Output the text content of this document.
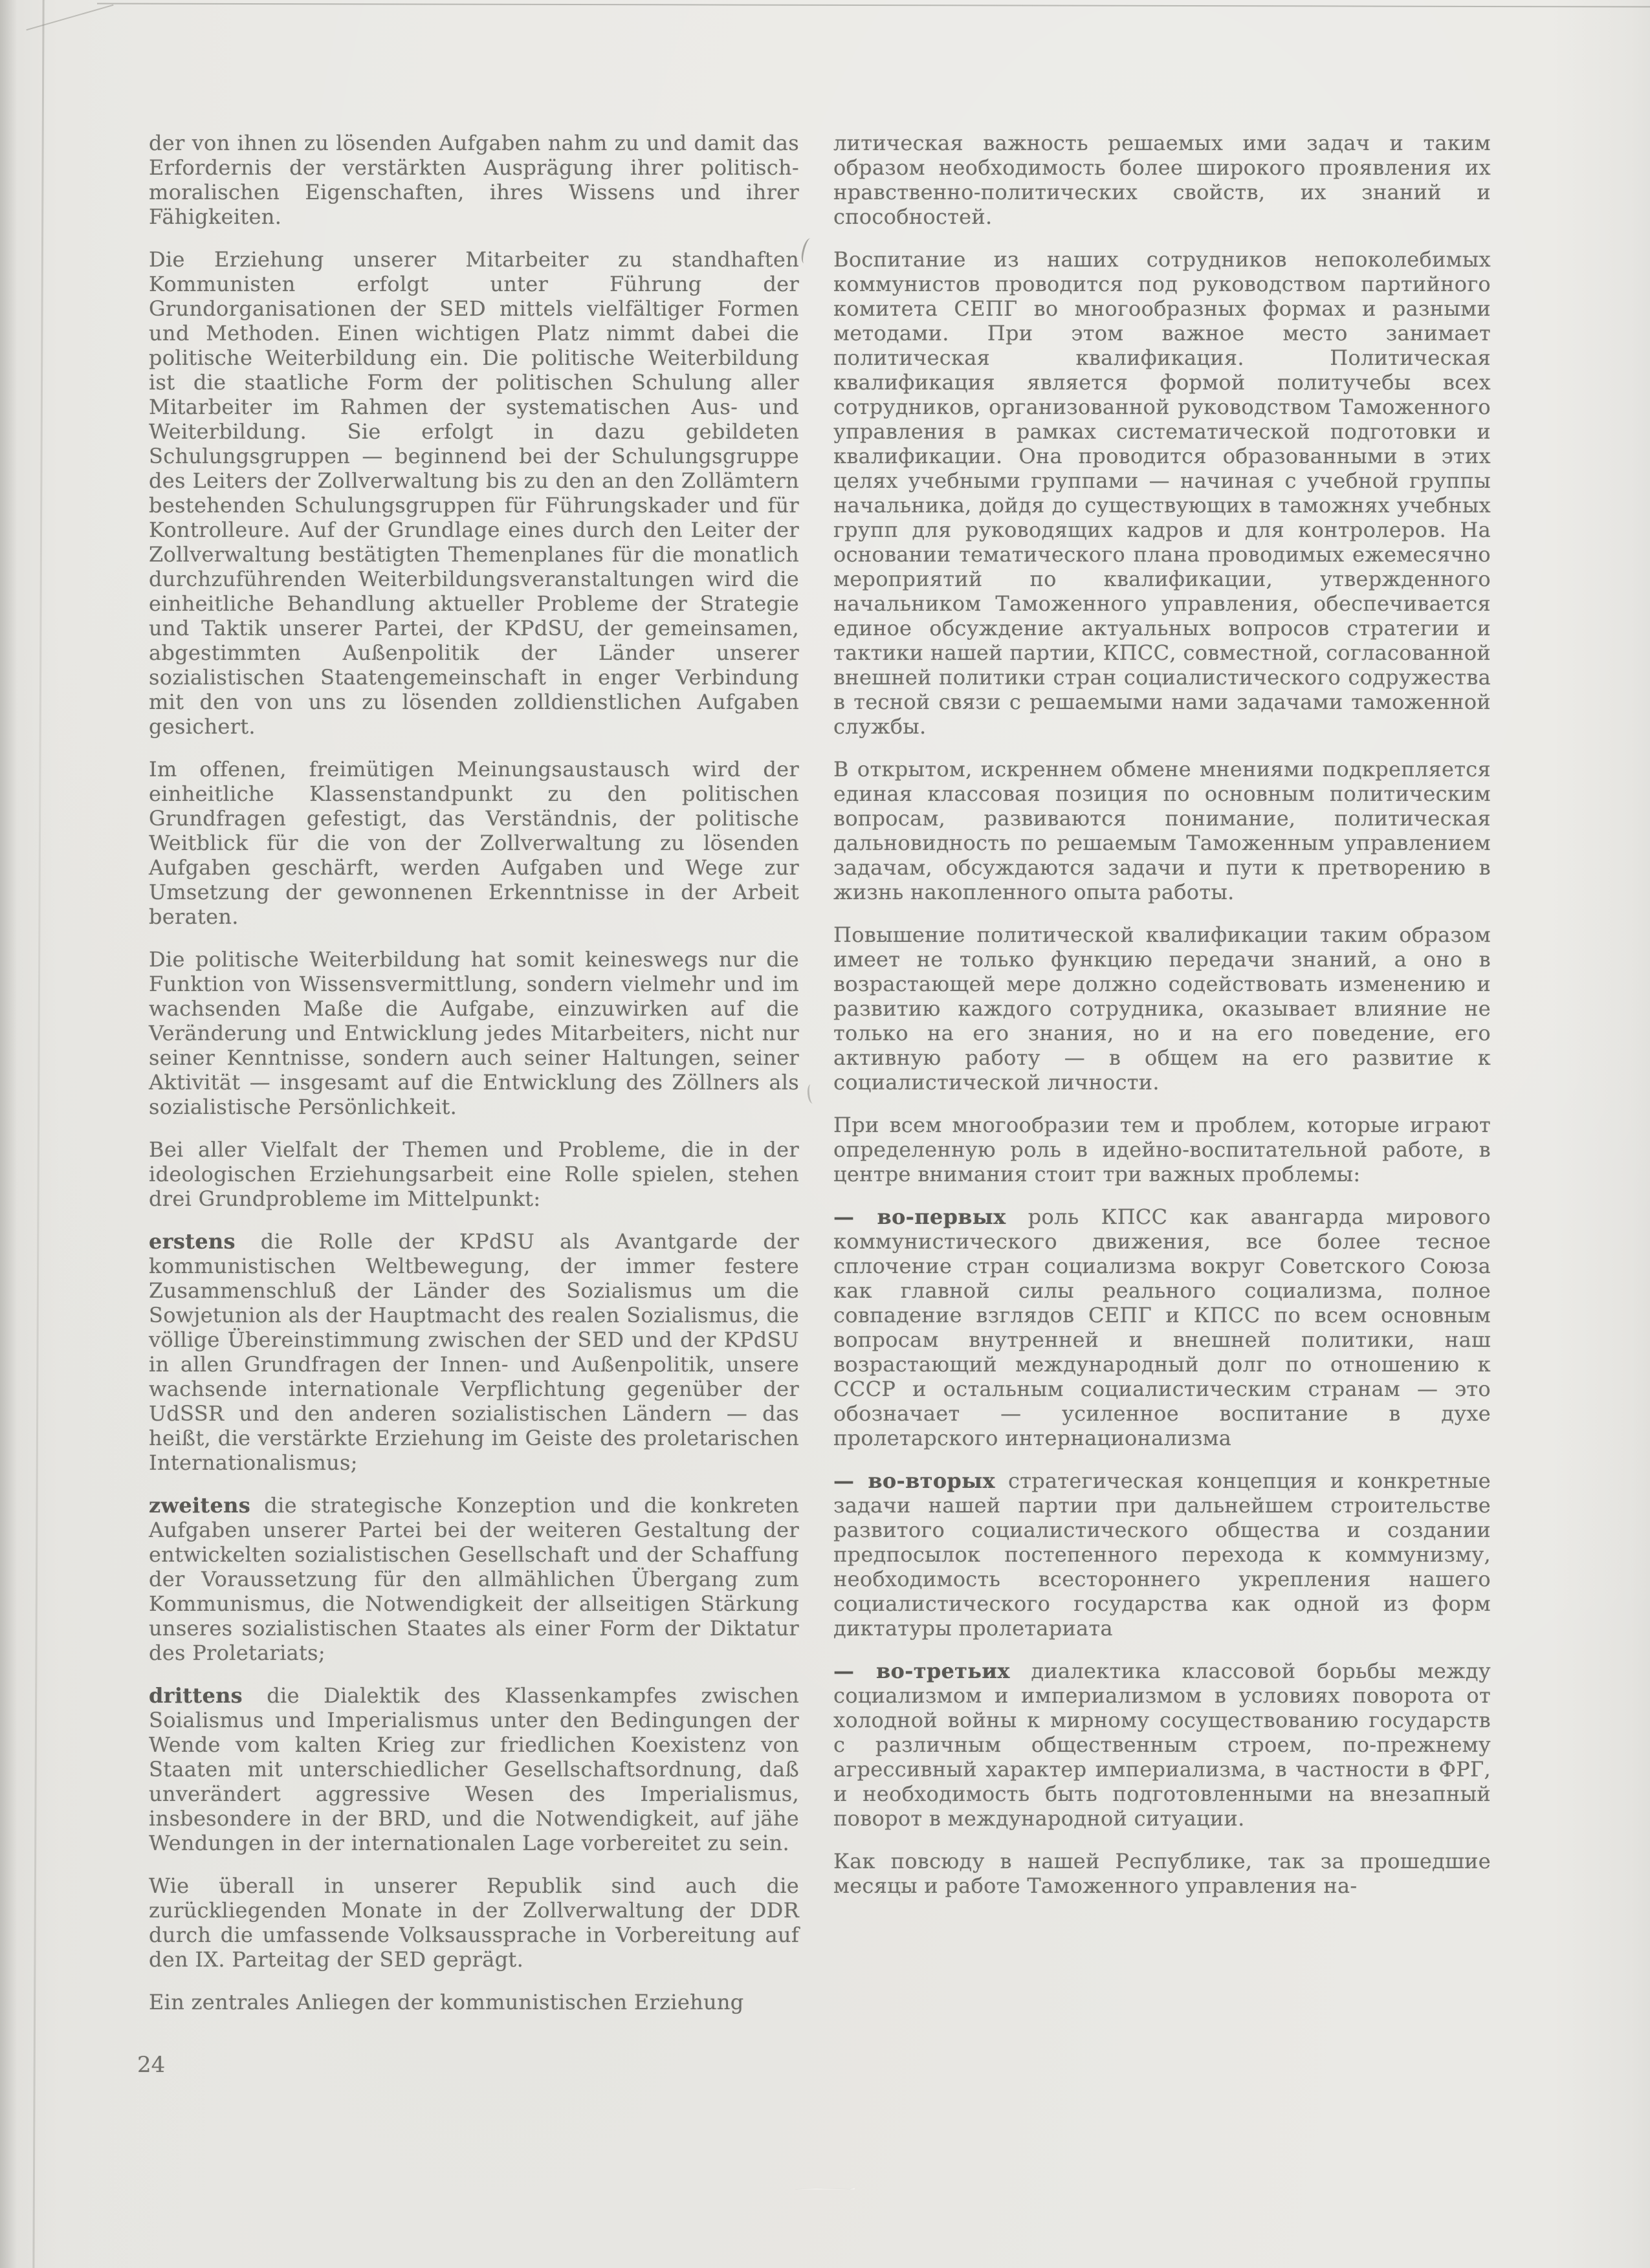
der von ihnen zu lösenden Aufgaben nahm zu und damit das Erfordernis der verstärkten Ausprägung ihrer politisch-moralischen Eigenschaften, ihres Wissens und ihrer Fähigkeiten.

Die Erziehung unserer Mitarbeiter zu standhaften Kommunisten erfolgt unter Führung der Grundorganisationen der SED mittels vielfältiger Formen und Methoden. Einen wichtigen Platz nimmt dabei die politische Weiterbildung ein. Die politische Weiterbildung ist die staatliche Form der politischen Schulung aller Mitarbeiter im Rahmen der systematischen Aus- und Weiterbildung. Sie erfolgt in dazu gebildeten Schulungsgruppen — beginnend bei der Schulungsgruppe des Leiters der Zollverwaltung bis zu den an den Zollämtern bestehenden Schulungsgruppen für Führungskader und für Kontrolleure. Auf der Grundlage eines durch den Leiter der Zollverwaltung bestätigten Themenplanes für die monatlich durchzuführenden Weiterbildungsveranstaltungen wird die einheitliche Behandlung aktueller Probleme der Strategie und Taktik unserer Partei, der KPdSU, der gemeinsamen, abgestimmten Außenpolitik der Länder unserer sozialistischen Staatengemeinschaft in enger Verbindung mit den von uns zu lösenden zolldienstlichen Aufgaben gesichert.

Im offenen, freimütigen Meinungsaustausch wird der einheitliche Klassenstandpunkt zu den politischen Grundfragen gefestigt, das Verständnis, der politische Weitblick für die von der Zollverwaltung zu lösenden Aufgaben geschärft, werden Aufgaben und Wege zur Umsetzung der gewonnenen Erkenntnisse in der Arbeit beraten.

Die politische Weiterbildung hat somit keineswegs nur die Funktion von Wissensvermittlung, sondern vielmehr und im wachsenden Maße die Aufgabe, einzuwirken auf die Veränderung und Entwicklung jedes Mitarbeiters, nicht nur seiner Kenntnisse, sondern auch seiner Haltungen, seiner Aktivität — insgesamt auf die Entwicklung des Zöllners als sozialistische Persönlichkeit.

Bei aller Vielfalt der Themen und Probleme, die in der ideologischen Erziehungsarbeit eine Rolle spielen, stehen drei Grundprobleme im Mittelpunkt:

erstens die Rolle der KPdSU als Avantgarde der kommunistischen Weltbewegung, der immer festere Zusammenschluß der Länder des Sozialismus um die Sowjetunion als der Hauptmacht des realen Sozialismus, die völlige Übereinstimmung zwischen der SED und der KPdSU in allen Grundfragen der Innen- und Außenpolitik, unsere wachsende internationale Verpflichtung gegenüber der UdSSR und den anderen sozialistischen Ländern — das heißt, die verstärkte Erziehung im Geiste des proletarischen Internationalismus;

zweitens die strategische Konzeption und die konkreten Aufgaben unserer Partei bei der weiteren Gestaltung der entwickelten sozialistischen Gesellschaft und der Schaffung der Voraussetzung für den allmählichen Übergang zum Kommunismus, die Notwendigkeit der allseitigen Stärkung unseres sozialistischen Staates als einer Form der Diktatur des Proletariats;

drittens die Dialektik des Klassenkampfes zwischen Soialismus und Imperialismus unter den Bedingungen der Wende vom kalten Krieg zur friedlichen Koexistenz von Staaten mit unterschiedlicher Gesellschaftsordnung, daß unverändert aggressive Wesen des Imperialismus, insbesondere in der BRD, und die Notwendigkeit, auf jähe Wendungen in der internationalen Lage vorbereitet zu sein.

Wie überall in unserer Republik sind auch die zurückliegenden Monate in der Zollverwaltung der DDR durch die umfassende Volksaussprache in Vorbereitung auf den IX. Parteitag der SED geprägt.

Ein zentrales Anliegen der kommunistischen Erziehung

литическая важность решаемых ими задач и таким образом необходимость более широкого проявления их нравственно-политических свойств, их знаний и способностей.

Воспитание из наших сотрудников непоколебимых коммунистов проводится под руководством партийного комитета СЕПГ во многообразных формах и разными методами. При этом важное место занимает политическая квалификация. Политическая квалификация является формой политучебы всех сотрудников, организованной руководством Таможенного управления в рамках систематической подготовки и квалификации. Она проводится образованными в этих целях учебными группами — начиная с учебной группы начальника, дойдя до существующих в таможнях учебных групп для руководящих кадров и для контролеров. На основании тематического плана проводимых ежемесячно мероприятий по квалификации, утвержденного начальником Таможенного управления, обеспечивается единое обсуждение актуальных вопросов стратегии и тактики нашей партии, КПСС, совместной, согласованной внешней политики стран социалистического содружества в тесной связи с решаемыми нами задачами таможенной службы.

В открытом, искреннем обмене мнениями подкрепляется единая классовая позиция по основным политическим вопросам, развиваются понимание, политическая дальновидность по решаемым Таможенным управлением задачам, обсуждаются задачи и пути к претворению в жизнь накопленного опыта работы.

Повышение политической квалификации таким образом имеет не только функцию передачи знаний, а оно в возрастающей мере должно содействовать изменению и развитию каждого сотрудника, оказывает влияние не только на его знания, но и на его поведение, его активную работу — в общем на его развитие к социалистической личности.

При всем многообразии тем и проблем, которые играют определенную роль в идейно-воспитательной работе, в центре внимания стоит три важных проблемы:

— во-первых роль КПСС как авангарда мирового коммунистического движения, все более тесное сплочение стран социализма вокруг Советского Союза как главной силы реального социализма, полное совпадение взглядов СЕПГ и КПСС по всем основным вопросам внутренней и внешней политики, наш возрастающий международный долг по отношению к СССР и остальным социалистическим странам — это обозначает — усиленное воспитание в духе пролетарского интернационализма

— во-вторых стратегическая концепция и конкретные задачи нашей партии при дальнейшем строительстве развитого социалистического общества и создании предпосылок постепенного перехода к коммунизму, необходимость всестороннего укрепления нашего социалистического государства как одной из форм диктатуры пролетариата

— во-третьих диалектика классовой борьбы между социализмом и империализмом в условиях поворота от холодной войны к мирному сосуществованию государств с различным общественным строем, по-прежнему агрессивный характер империализма, в частности в ФРГ, и необходимость быть подготовленными на внезапный поворот в международной ситуации.

Как повсюду в нашей Республике, так за прошедшие месяцы и работе Таможенного управления на-

24
